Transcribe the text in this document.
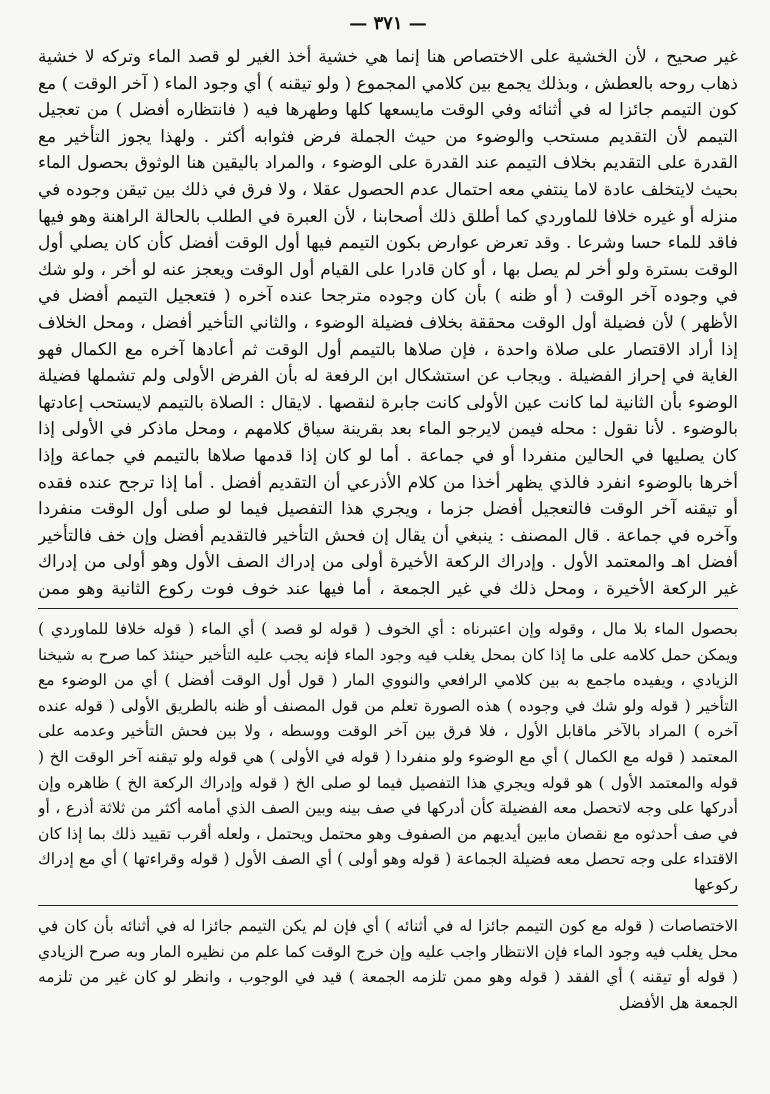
— ٣٧١ —

غير صحيح ، لأن الخشية على الاختصاص هنا إنما هي خشية أخذ الغير لو قصد الماء وتركه لا خشية ذهاب روحه بالعطش ، وبذلك يجمع بين كلامي المجموع ( ولو تيقنه ) أي وجود الماء ( آخر الوقت ) مع كون التيمم جائزا له في أثنائه وفي الوقت مايسعها كلها وطهرها فيه ( فانتظاره أفضل ) من تعجيل التيمم لأن التقديم مستحب والوضوء من حيث الجملة فرض فثوابه أكثر . ولهذا يجوز التأخير مع القدرة على التقديم بخلاف التيمم عند القدرة على الوضوء ، والمراد باليقين هنا الوثوق بحصول الماء بحيث لايتخلف عادة لاما ينتفي معه احتمال عدم الحصول عقلا ، ولا فرق في ذلك بين تيقن وجوده في منزله أو غيره خلافا للماوردي كما أطلق ذلك أصحابنا ، لأن العبرة في الطلب بالحالة الراهنة وهو فيها فاقد للماء حسا وشرعا . وقد تعرض عوارض بكون التيمم فيها أول الوقت أفضل كأن كان يصلي أول الوقت بسترة ولو أخر لم يصل بها ، أو كان قادرا على القيام أول الوقت ويعجز عنه لو أخر ، ولو شك في وجوده آخر الوقت ( أو ظنه ) بأن كان وجوده مترجحا عنده آخره ( فتعجيل التيمم أفضل في الأظهر ) لأن فضيلة أول الوقت محققة بخلاف فضيلة الوضوء ، والثاني التأخير أفضل ، ومحل الخلاف إذا أراد الاقتصار على صلاة واحدة ، فإن صلاها بالتيمم أول الوقت ثم أعادها آخره مع الكمال فهو الغاية في إحراز الفضيلة . ويجاب عن استشكال ابن الرفعة له بأن الفرض الأولى ولم تشملها فضيلة الوضوء بأن الثانية لما كانت عين الأولى كانت جابرة لنقصها . لايقال : الصلاة بالتيمم لايستحب إعادتها بالوضوء . لأنا نقول : محله فيمن لايرجو الماء بعد بقرينة سياق كلامهم ، ومحل ماذكر في الأولى إذا كان يصليها في الحالين منفردا أو في جماعة . أما لو كان إذا قدمها صلاها بالتيمم في جماعة وإذا أخرها بالوضوء انفرد فالذي يظهر أخذا من كلام الأذرعي أن التقديم أفضل . أما إذا ترجح عنده فقده أو تيقنه آخر الوقت فالتعجيل أفضل جزما ، ويجري هذا التفصيل فيما لو صلى أول الوقت منفردا وآخره في جماعة . قال المصنف : ينبغي أن يقال إن فحش التأخير فالتقديم أفضل وإن خف فالتأخير أفضل اهـ والمعتمد الأول . وإدراك الركعة الأخيرة أولى من إدراك الصف الأول وهو أولى من إدراك غير الركعة الأخيرة ، ومحل ذلك في غير الجمعة ، أما فيها عند خوف فوت ركوع الثانية وهو ممن

بحصول الماء بلا مال ، وقوله وإن اعتبرناه : أي الخوف ( قوله لو قصد ) أي الماء ( قوله خلافا للماوردي ) ويمكن حمل كلامه على ما إذا كان بمحل يغلب فيه وجود الماء فإنه يجب عليه التأخير حينئذ كما صرح به شيخنا الزيادي ، ويفيده ماجمع به بين كلامي الرافعي والنووي المار ( قول أول الوقت أفضل ) أي من الوضوء مع التأخير ( قوله ولو شك في وجوده ) هذه الصورة تعلم من قول المصنف أو ظنه بالطريق الأولى ( قوله عنده آخره ) المراد بالآخر ماقابل الأول ، فلا فرق بين آخر الوقت ووسطه ، ولا بين فحش التأخير وعدمه على المعتمد ( قوله مع الكمال ) أي مع الوضوء ولو منفردا ( قوله في الأولى ) هي قوله ولو تيقنه آخر الوقت الخ ( قوله والمعتمد الأول ) هو قوله ويجري هذا التفصيل فيما لو صلى الخ ( قوله وإدراك الركعة الخ ) ظاهره وإن أدركها على وجه لاتحصل معه الفضيلة كأن أدركها في صف بينه وبين الصف الذي أمامه أكثر من ثلاثة أذرع ، أو في صف أحدثوه مع نقصان مابين أيديهم من الصفوف وهو محتمل ويحتمل ، ولعله أقرب تقييد ذلك بما إذا كان الاقتداء على وجه تحصل معه فضيلة الجماعة ( قوله وهو أولى ) أي الصف الأول ( قوله وقراءتها ) أي مع إدراك ركوعها

الاختصاصات ( قوله مع كون التيمم جائزا له في أثنائه ) أي فإن لم يكن التيمم جائزا له في أثنائه بأن كان في محل يغلب فيه وجود الماء فإن الانتظار واجب عليه وإن خرج الوقت كما علم من نظيره المار وبه صرح الزيادي ( قوله أو تيقنه ) أي الفقد ( قوله وهو ممن تلزمه الجمعة ) قيد في الوجوب ، وانظر لو كان غير من تلزمه الجمعة هل الأفضل
